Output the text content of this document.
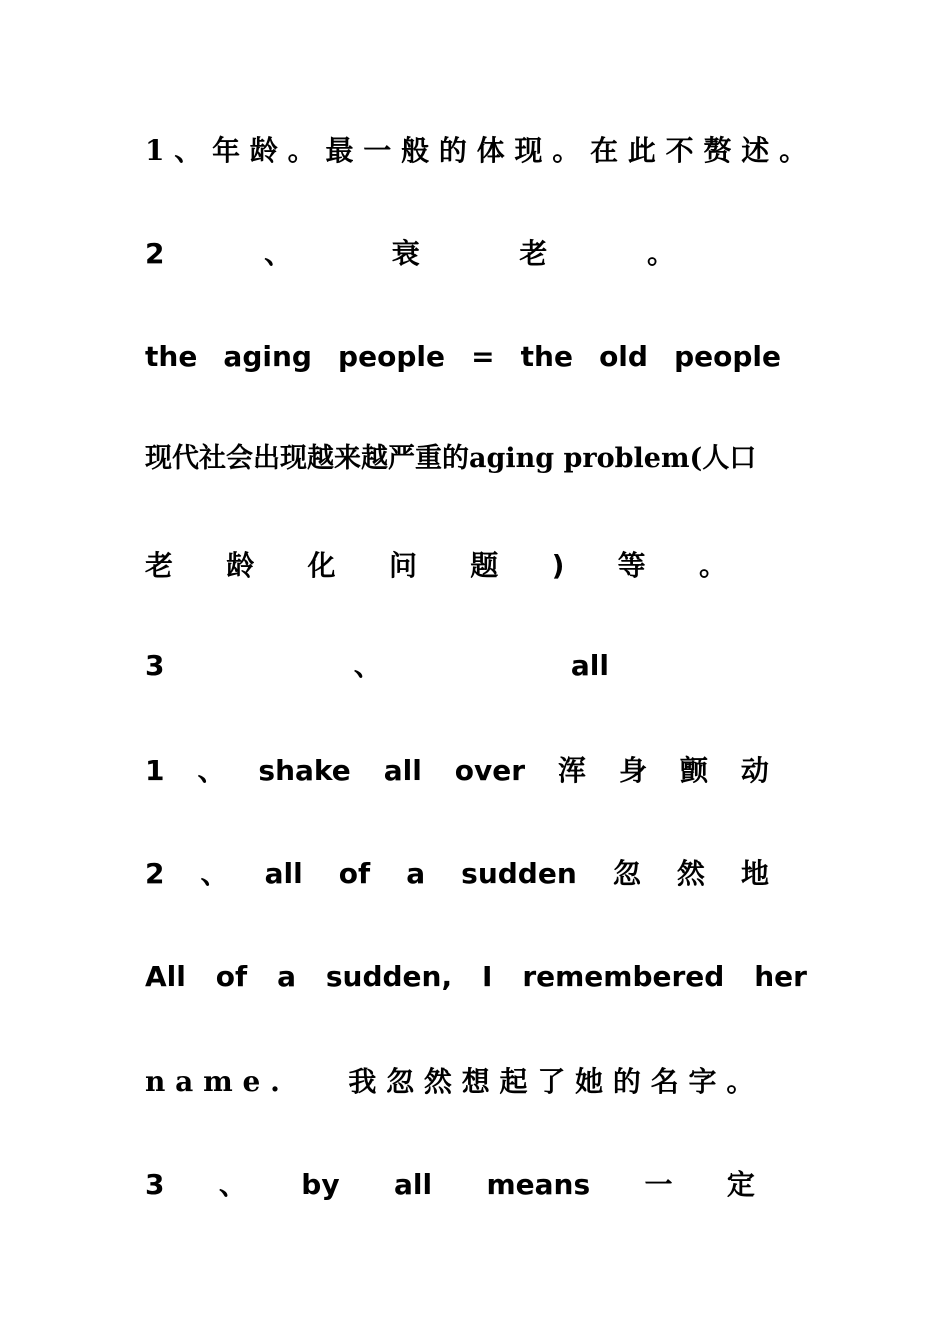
1、年龄。最一般的体现。在此不赘述。
2	、	衰	老	。
the aging people = the old people
现代社会出现越来越严重的aging problem(人口
老 龄 化 问 题 ) 等 。
3	、	all
1 、 shake all over 浑 身 颤 动
2 、 all of a sudden 忽 然 地
All of a sudden, I remembered her
name.   我忽然想起了她的名字。
3 、 by all means 一 定
